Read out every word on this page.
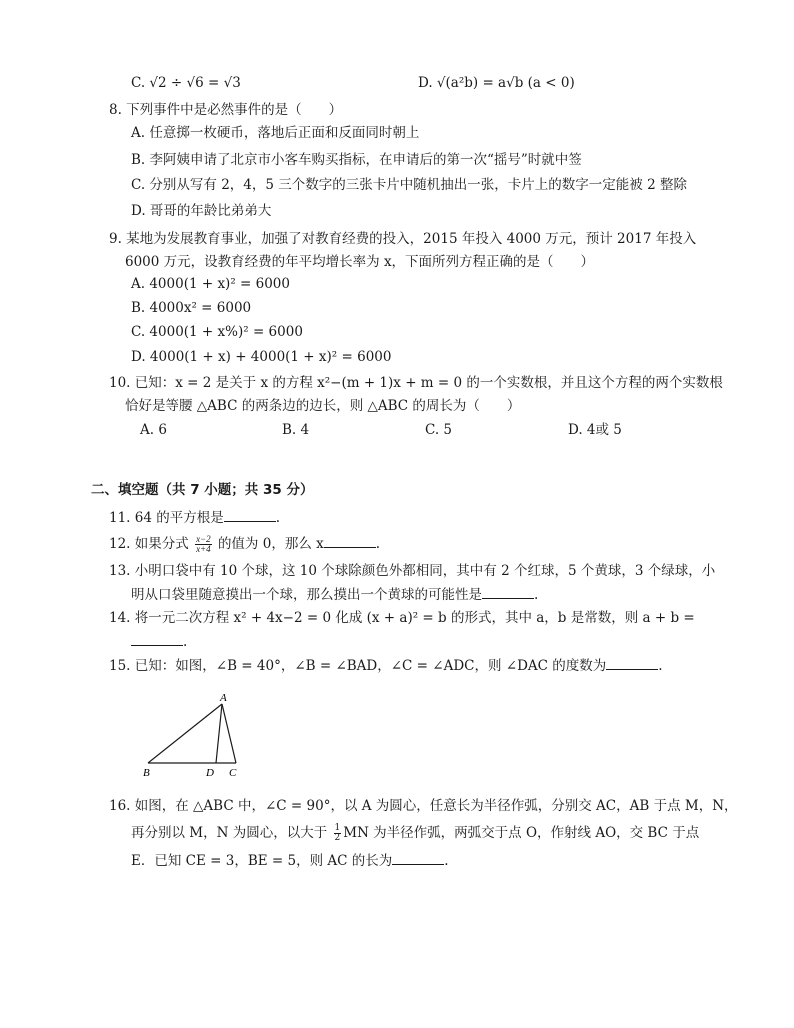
C. √2 ÷ √6 = √3	D. √(a²b) = a√b (a < 0)
8. 下列事件中是必然事件的是（　　）
A. 任意掷一枚硬币，落地后正面和反面同时朝上
B. 李阿姨申请了北京市小客车购买指标，在申请后的第一次“摇号”时就中签
C. 分别从写有 2，4，5 三个数字的三张卡片中随机抽出一张，卡片上的数字一定能被 2 整除
D. 哥哥的年龄比弟弟大
9. 某地为发展教育事业，加强了对教育经费的投入，2015 年投入 4000 万元，预计 2017 年投入
6000 万元，设教育经费的年平均增长率为 x，下面所列方程正确的是（　　）
A. 4000(1 + x)² = 6000
B. 4000x² = 6000
C. 4000(1 + x%)² = 6000
D. 4000(1 + x) + 4000(1 + x)² = 6000
10. 已知：x = 2 是关于 x 的方程 x²−(m + 1)x + m = 0 的一个实数根，并且这个方程的两个实数根
恰好是等腰 △ABC 的两条边的边长，则 △ABC 的周长为（　　）
A. 6	B. 4	C. 5	D. 4或 5
二、填空题（共 7 小题；共 35 分）
11. 64 的平方根是	.
12. 如果分式 $\frac{x-2}{x+4}$ 的值为 0，那么 x	.
13. 小明口袋中有 10 个球，这 10 个球除颜色外都相同，其中有 2 个红球，5 个黄球，3 个绿球，小
明从口袋里随意摸出一个球，那么摸出一个黄球的可能性是	.
14. 将一元二次方程 x² + 4x−2 = 0 化成 (x + a)² = b 的形式，其中 a，b 是常数，则 a + b =
.
15. 已知：如图，∠B = 40°，∠B = ∠BAD，∠C = ∠ADC，则 ∠DAC 的度数为	.
A
B	D C
16. 如图，在 △ABC 中，∠C = 90°，以 A 为圆心，任意长为半径作弧，分别交 AC，AB 于点 M，N，
再分别以 M，N 为圆心，以大于 $\frac{1}{2}$ MN 为半径作弧，两弧交于点 O，作射线 AO，交 BC 于点
E．已知 CE = 3，BE = 5，则 AC 的长为	.
